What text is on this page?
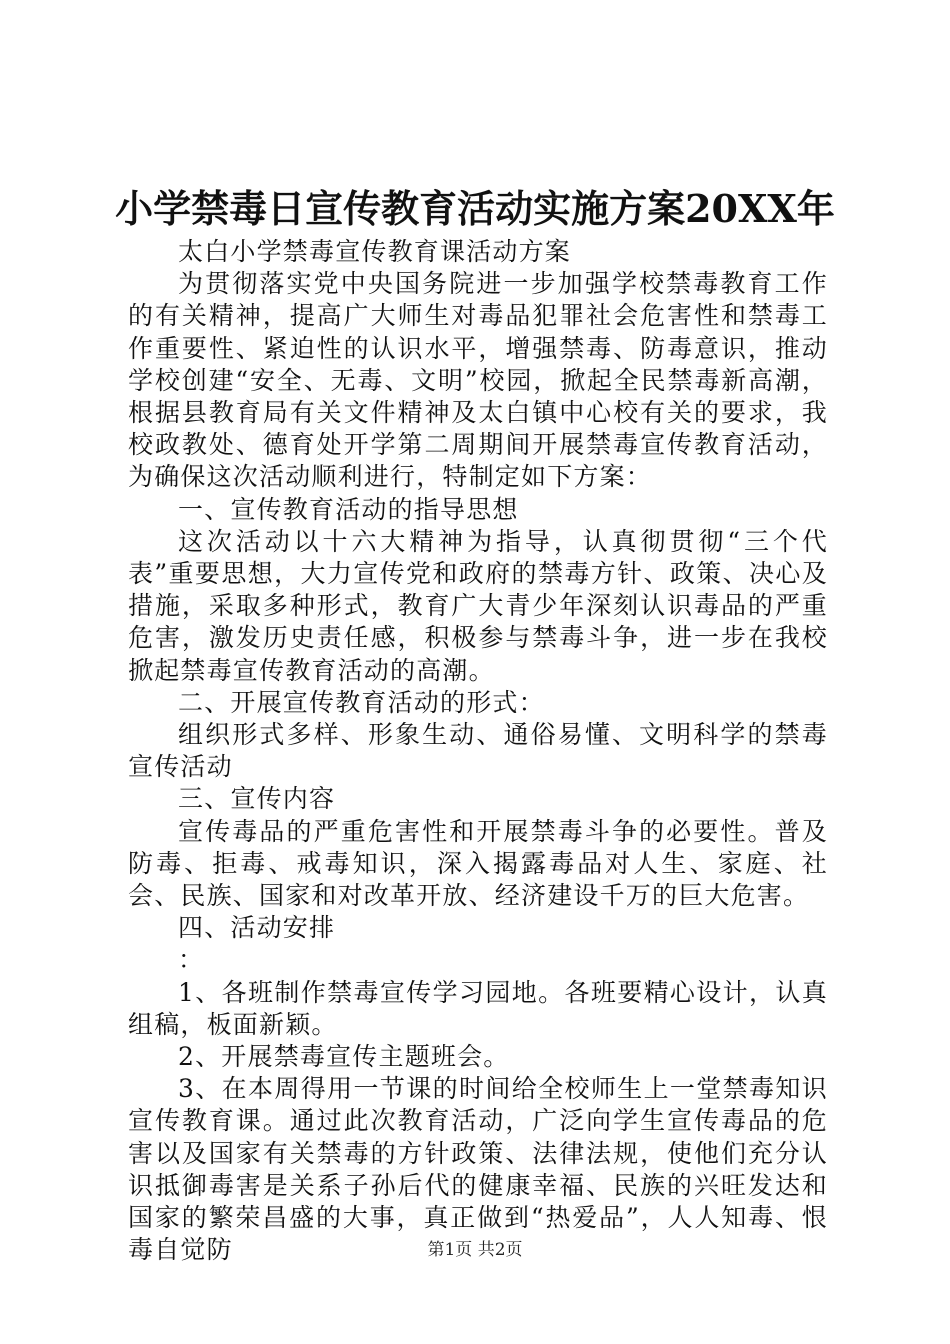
小学禁毒日宣传教育活动实施方案20XX年

太白小学禁毒宣传教育课活动方案

为贯彻落实党中央国务院进一步加强学校禁毒教育工作的有关精神，提高广大师生对毒品犯罪社会危害性和禁毒工作重要性、紧迫性的认识水平，增强禁毒、防毒意识，推动学校创建“安全、无毒、文明”校园，掀起全民禁毒新高潮，根据县教育局有关文件精神及太白镇中心校有关的要求，我校政教处、德育处开学第二周期间开展禁毒宣传教育活动，为确保这次活动顺利进行，特制定如下方案：

一、宣传教育活动的指导思想

这次活动以十六大精神为指导，认真彻贯彻“三个代表”重要思想，大力宣传党和政府的禁毒方针、政策、决心及措施，采取多种形式，教育广大青少年深刻认识毒品的严重危害，激发历史责任感，积极参与禁毒斗争，进一步在我校掀起禁毒宣传教育活动的高潮。

二、开展宣传教育活动的形式：

组织形式多样、形象生动、通俗易懂、文明科学的禁毒宣传活动

三、宣传内容

宣传毒品的严重危害性和开展禁毒斗争的必要性。普及防毒、拒毒、戒毒知识，深入揭露毒品对人生、家庭、社会、民族、国家和对改革开放、经济建设千万的巨大危害。

四、活动安排

：

1、各班制作禁毒宣传学习园地。各班要精心设计，认真组稿，板面新颖。

2、开展禁毒宣传主题班会。

3、在本周得用一节课的时间给全校师生上一堂禁毒知识宣传教育课。通过此次教育活动，广泛向学生宣传毒品的危害以及国家有关禁毒的方针政策、法律法规，使他们充分认识抵御毒害是关系子孙后代的健康幸福、民族的兴旺发达和国家的繁荣昌盛的大事，真正做到“热爱品”，人人知毒、恨毒自觉防	第1页 共2页
